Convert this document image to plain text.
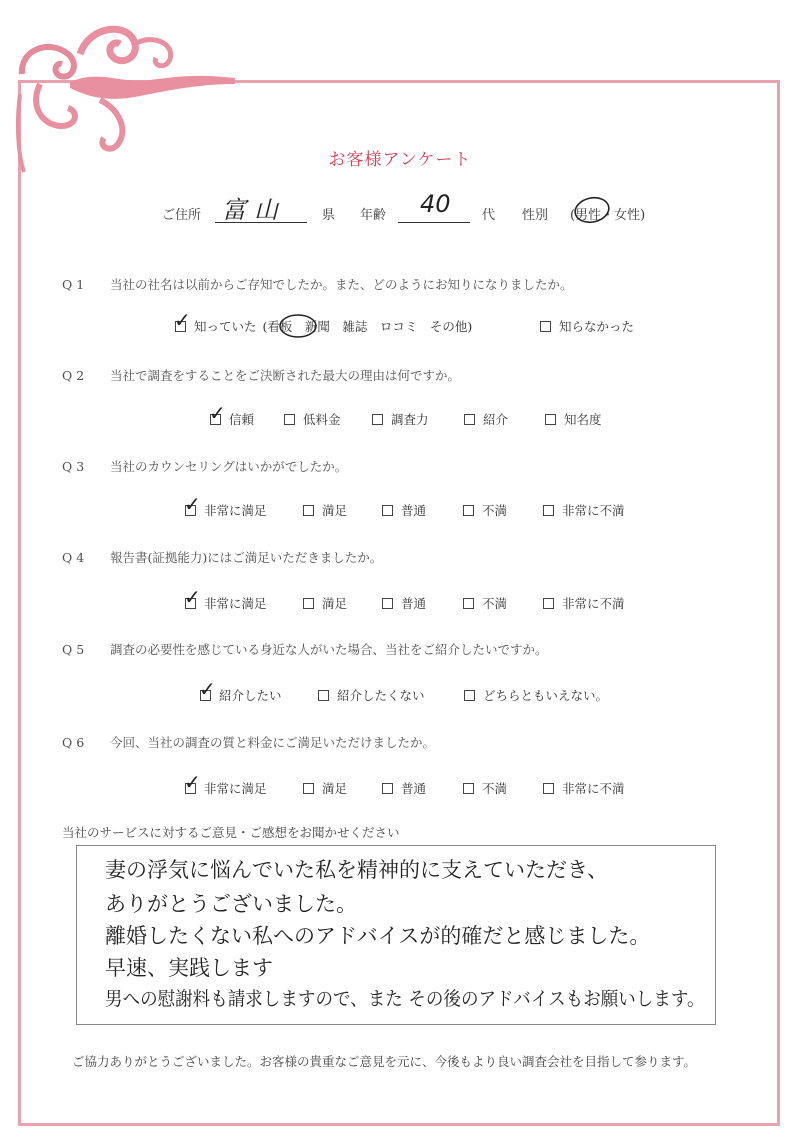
お客様アンケート
ご住所 富山	県 年齢 40 代 性別 (男性・女性)
Q1 当社の社名は以前からご存知でしたか。また、どのようにお知りになりましたか。
✓ 知っていた (看板　新聞　雑誌　ロコミ　その他)	知らなかった
Q2 当社で調査をすることをご決断された最大の理由は何ですか。
✓ 信頼	低料金	調査力	紹介	知名度
Q3 当社のカウンセリングはいかがでしたか。
✓ 非常に満足	満足	普通	不満	非常に不満
Q4 報告書(証拠能力)にはご満足いただきましたか。
✓ 非常に満足	満足	普通	不満	非常に不満
Q5 調査の必要性を感じている身近な人がいた場合、当社をご紹介したいですか。
✓ 紹介したい	紹介したくない	どちらともいえない。
Q6 今回、当社の調査の質と料金にご満足いただけましたか。
✓ 非常に満足	満足	普通	不満	非常に不満
当社のサービスに対するご意見・ご感想をお聞かせください
妻の浮気に悩んでいた私を精神的に支えていただき、
ありがとうございました。
離婚したくない私へのアドバイスが的確だと感じました。
早速、実践します
男への慰謝料も請求しますので、また その後のアドバイスもお願いします。
ご協力ありがとうございました。お客様の貴重なご意見を元に、今後もより良い調査会社を目指して参ります。
